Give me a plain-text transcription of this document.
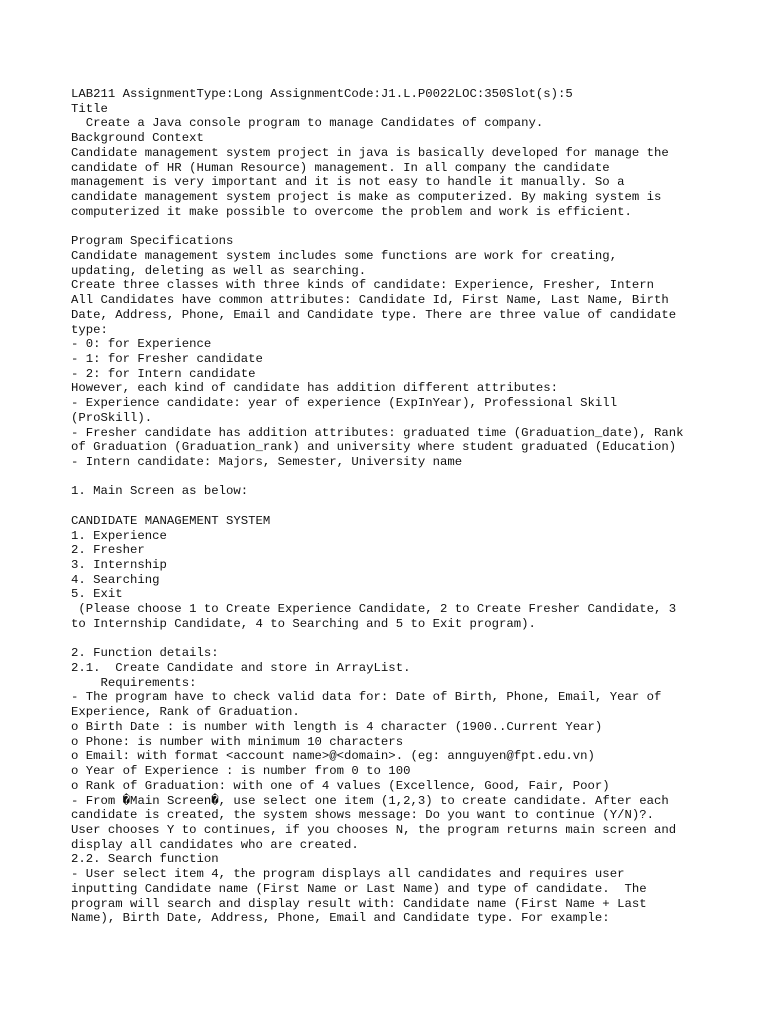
LAB211 AssignmentType:Long AssignmentCode:J1.L.P0022LOC:350Slot(s):5
Title
Create a Java console program to manage Candidates of company.
Background Context
Candidate management system project in java is basically developed for manage the
candidate of HR (Human Resource) management. In all company the candidate
management is very important and it is not easy to handle it manually. So a
candidate management system project is make as computerized. By making system is
computerized it make possible to overcome the problem and work is efficient.
Program Specifications
Candidate management system includes some functions are work for creating,
updating, deleting as well as searching.
Create three classes with three kinds of candidate: Experience, Fresher, Intern
All Candidates have common attributes: Candidate Id, First Name, Last Name, Birth
Date, Address, Phone, Email and Candidate type. There are three value of candidate
type:
- 0: for Experience
- 1: for Fresher candidate
- 2: for Intern candidate
However, each kind of candidate has addition different attributes:
- Experience candidate: year of experience (ExpInYear), Professional Skill
(ProSkill).
- Fresher candidate has addition attributes: graduated time (Graduation_date), Rank
of Graduation (Graduation_rank) and university where student graduated (Education)
- Intern candidate: Majors, Semester, University name
1. Main Screen as below:
CANDIDATE MANAGEMENT SYSTEM
1. Experience
2. Fresher
3. Internship
4. Searching
5. Exit
(Please choose 1 to Create Experience Candidate, 2 to Create Fresher Candidate, 3
to Internship Candidate, 4 to Searching and 5 to Exit program).
2. Function details:
2.1.  Create Candidate and store in ArrayList.
Requirements:
- The program have to check valid data for: Date of Birth, Phone, Email, Year of
Experience, Rank of Graduation.
o Birth Date : is number with length is 4 character (1900..Current Year)
o Phone: is number with minimum 10 characters
o Email: with format <account name>@<domain>. (eg: annguyen@fpt.edu.vn)
o Year of Experience : is number from 0 to 100
o Rank of Graduation: with one of 4 values (Excellence, Good, Fair, Poor)
- From �Main Screen�, use select one item (1,2,3) to create candidate. After each
candidate is created, the system shows message: Do you want to continue (Y/N)?.
User chooses Y to continues, if you chooses N, the program returns main screen and
display all candidates who are created.
2.2. Search function
- User select item 4, the program displays all candidates and requires user
inputting Candidate name (First Name or Last Name) and type of candidate.  The
program will search and display result with: Candidate name (First Name + Last
Name), Birth Date, Address, Phone, Email and Candidate type. For example:
